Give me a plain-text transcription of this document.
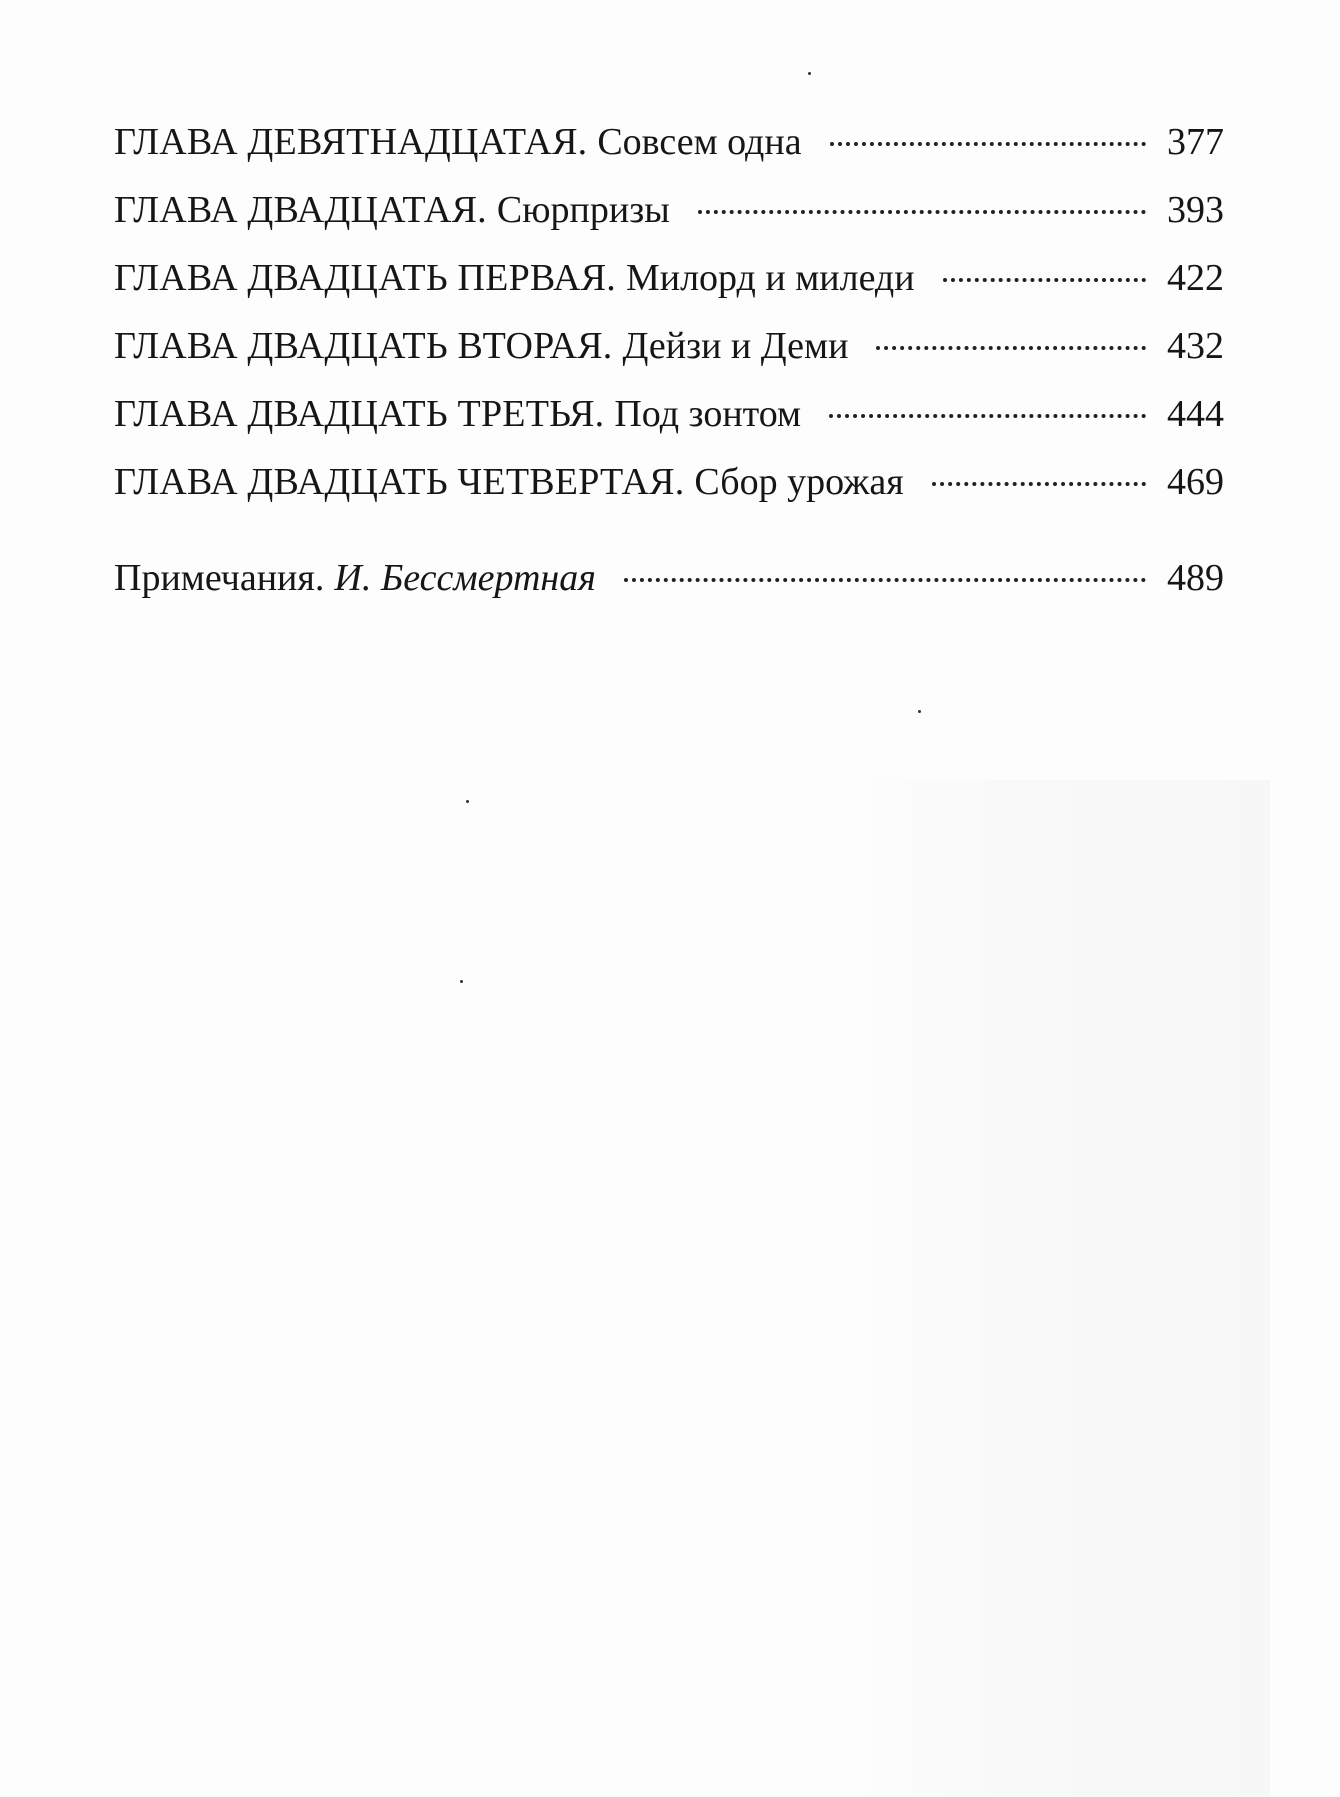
ГЛАВА ДЕВЯТНАДЦАТАЯ. Совсем одна	377
ГЛАВА ДВАДЦАТАЯ. Сюрпризы	393
ГЛАВА ДВАДЦАТЬ ПЕРВАЯ. Милорд и миледи	422
ГЛАВА ДВАДЦАТЬ ВТОРАЯ. Дейзи и Деми	432
ГЛАВА ДВАДЦАТЬ ТРЕТЬЯ. Под зонтом	444
ГЛАВА ДВАДЦАТЬ ЧЕТВЕРТАЯ. Сбор урожая	469
Примечания. И. Бессмертная	489
